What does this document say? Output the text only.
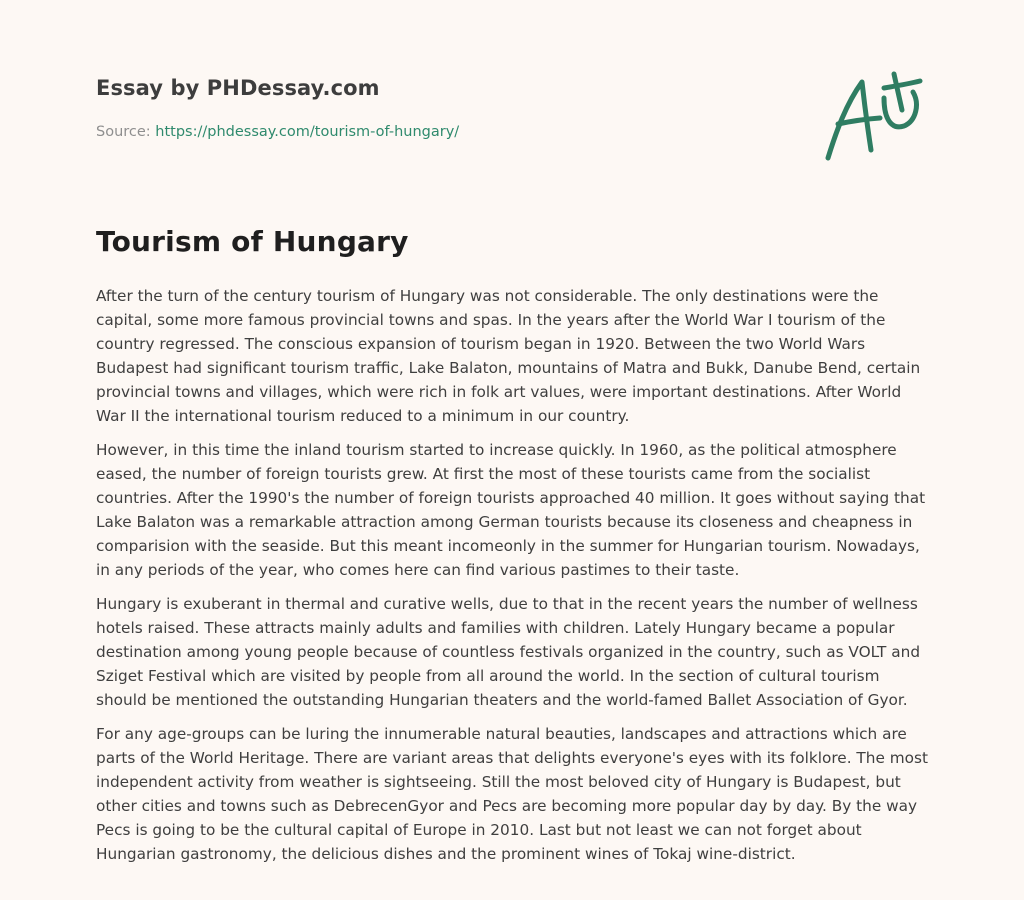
Essay by PHDessay.com
Source: https://phdessay.com/tourism-of-hungary/
Tourism of Hungary

After the turn of the century tourism of Hungary was not considerable. The only destinations were the capital, some more famous provincial towns and spas. In the years after the World War I tourism of the country regressed. The conscious expansion of tourism began in 1920. Between the two World Wars Budapest had significant tourism traffic, Lake Balaton, mountains of Matra and Bukk, Danube Bend, certain provincial towns and villages, which were rich in folk art values, were important destinations. After World War II the international tourism reduced to a minimum in our country.

However, in this time the inland tourism started to increase quickly. In 1960, as the political atmosphere eased, the number of foreign tourists grew. At first the most of these tourists came from the socialist countries. After the 1990's the number of foreign tourists approached 40 million. It goes without saying that Lake Balaton was a remarkable attraction among German tourists because its closeness and cheapness in comparision with the seaside. But this meant incomeonly in the summer for Hungarian tourism. Nowadays, in any periods of the year, who comes here can find various pastimes to their taste.

Hungary is exuberant in thermal and curative wells, due to that in the recent years the number of wellness hotels raised. These attracts mainly adults and families with children. Lately Hungary became a popular destination among young people because of countless festivals organized in the country, such as VOLT and Sziget Festival which are visited by people from all around the world. In the section of cultural tourism should be mentioned the outstanding Hungarian theaters and the world-famed Ballet Association of Gyor.

For any age-groups can be luring the innumerable natural beauties, landscapes and attractions which are parts of the World Heritage. There are variant areas that delights everyone's eyes with its folklore. The most independent activity from weather is sightseeing. Still the most beloved city of Hungary is Budapest, but other cities and towns such as DebrecenGyor and Pecs are becoming more popular day by day. By the way Pecs is going to be the cultural capital of Europe in 2010. Last but not least we can not forget about Hungarian gastronomy, the delicious dishes and the prominent wines of Tokaj wine-district.
